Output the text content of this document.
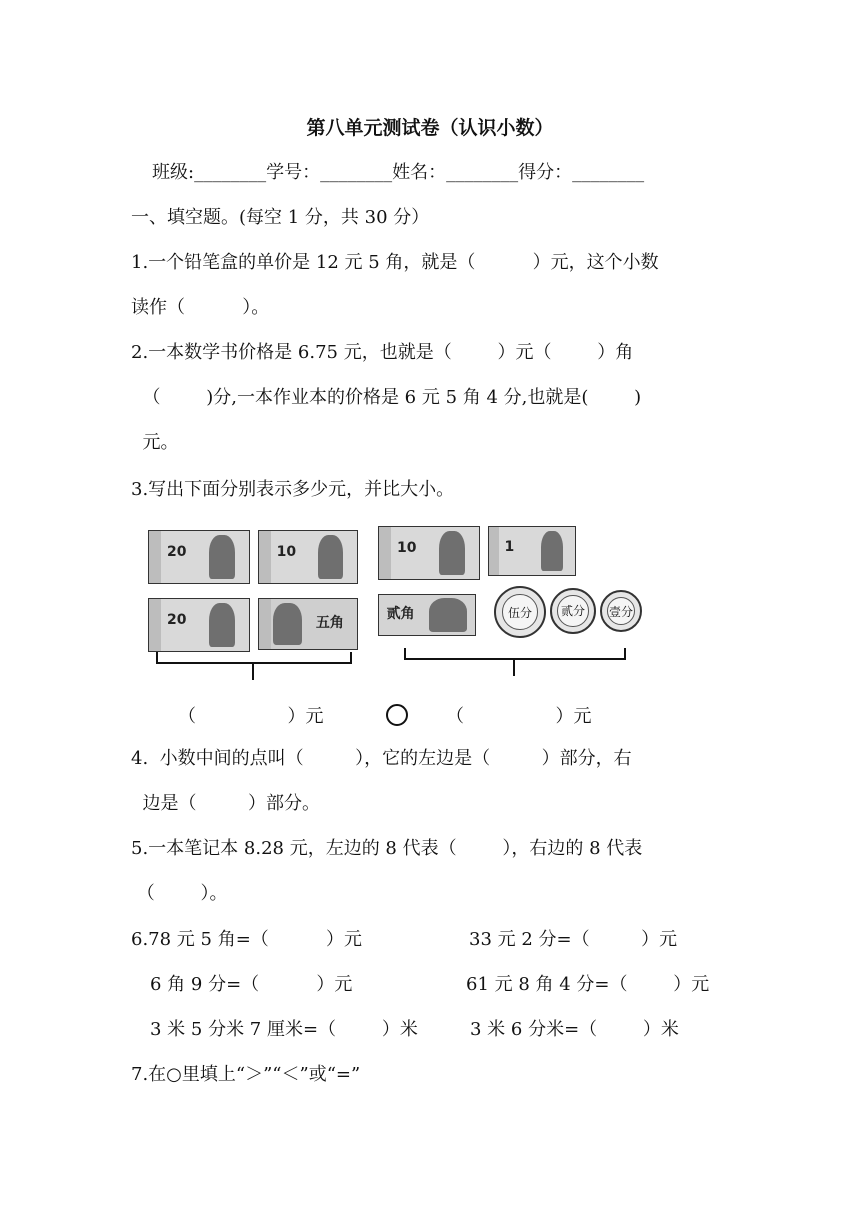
第八单元测试卷（认识小数）
班级:________学号：________姓名：________得分：________
一、填空题。(每空 1 分，共 30 分）
1.一个铅笔盒的单价是 12 元 5 角，就是（          ）元，这个小数
读作（          ）。
2.一本数学书价格是 6.75 元，也就是（        ）元（        ）角
（        )分,一本作业本的价格是 6 元 5 角 4 分,也就是(        )
元。
3.写出下面分别表示多少元，并比大小。
20	10	10	1
20	五角
贰角	伍分 贰分 壹分
（                ）元	（                ）元
4.  小数中间的点叫（         ），它的左边是（         ）部分，右
边是（         ）部分。
5.一本笔记本 8.28 元，左边的 8 代表（        ），右边的 8 代表
（        ）。
6.78 元 5 角=（          ）元	33 元 2 分=（         ）元
6 角 9 分=（          ）元	61 元 8 角 4 分=（        ）元
3 米 5 分米 7 厘米=（        ）米	3 米 6 分米=（        ）米
7.在○里填上“＞”“＜”或“=”
